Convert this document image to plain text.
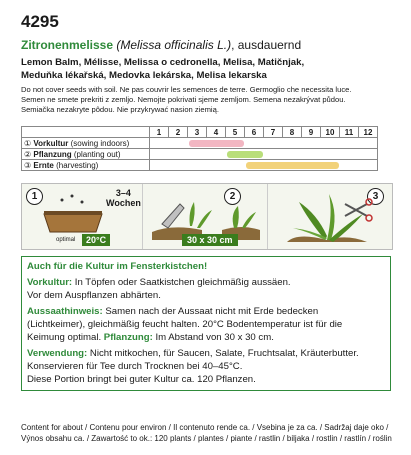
4295
Zitronenmelisse (Melissa officinalis L.), ausdauernd
Lemon Balm, Mélisse, Melissa o cedronella, Melisa, Matičnjak,
Meduňka lékařská, Medovka lekárska, Melisa lekarska
Do not cover seeds with soil. Ne pas couvrir les semences de terre. Germoglio che necessita luce.
Semen ne smete prekriti z zemljo. Nemojte pokrivati sjeme zemljom. Semena nezakrývat půdou.
Semiačka nezakryte pôdou. Nie przykrywać nasion ziemią.
	1	2	3	4	5	6	7	8	9	10	11	12
① Vorkultur (sowing indoors)												

② Pflanzung (planting out)												

③ Ernte (harvesting)												
1	3–4
Wochen
optimal	20°C
2
30 x 30 cm
3
Auch für die Kultur im Fensterkistchen!
Vorkultur: In Töpfen oder Saatkistchen gleichmäßig aussäen.
Vor dem Auspflanzen abhärten.
Aussaathinweis: Samen nach der Aussaat nicht mit Erde bedecken
(Lichtkeimer), gleichmäßig feucht halten. 20°C Bodentemperatur ist für die
Keimung optimal. Pflanzung: Im Abstand von 30 x 30 cm.
Verwendung: Nicht mitkochen, für Saucen, Salate, Fruchtsalat, Kräuterbutter.
Konservieren für Tee durch Trocknen bei 40–45°C.
Diese Portion bringt bei guter Kultur ca. 120 Pflanzen.
Content for about / Contenu pour environ / Il contenuto rende ca. / Vsebina je za ca. / Sadržaj daje oko /
Výnos obsahu ca. / Zawartość to ok.: 120 plants / plantes / piante / rastlin / biljaka / rostlin / rastlín / roślin
